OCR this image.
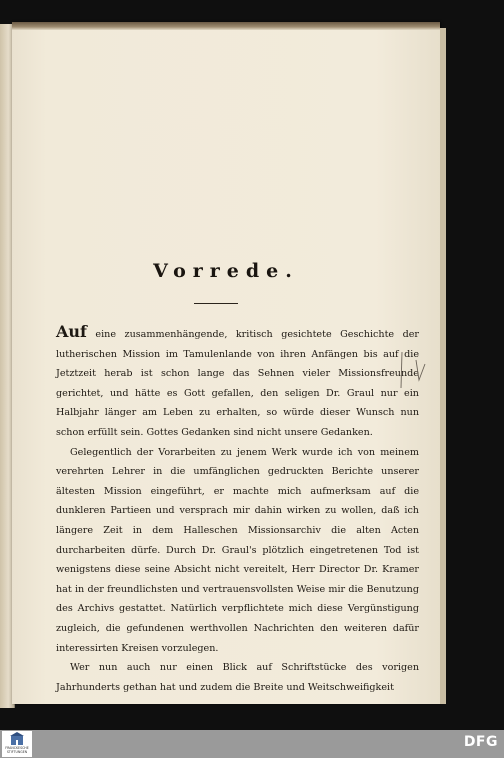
Vorrede.

Auf eine zusammenhängende, kritisch gesichtete Geschichte der lutherischen Mission im Tamulenlande von ihren Anfängen bis auf die Jetztzeit herab ist schon lange das Sehnen vieler Missionsfreunde gerichtet, und hätte es Gott gefallen, den seligen Dr. Graul nur ein Halbjahr länger am Leben zu erhalten, so würde dieser Wunsch nun schon erfüllt sein. Gottes Gedanken sind nicht unsere Gedanken.

Gelegentlich der Vorarbeiten zu jenem Werk wurde ich von meinem verehrten Lehrer in die umfänglichen gedruckten Berichte unserer ältesten Mission eingeführt, er machte mich aufmerksam auf die dunkleren Partieen und versprach mir dahin wirken zu wollen, daß ich längere Zeit in dem Halleschen Missionsarchiv die alten Acten durcharbeiten dürfe. Durch Dr. Graul's plötzlich eingetretenen Tod ist wenigstens diese seine Absicht nicht vereitelt, Herr Director Dr. Kramer hat in der freundlichsten und vertrauensvollsten Weise mir die Benutzung des Archivs gestattet. Natürlich verpflichtete mich diese Vergünstigung zugleich, die gefundenen werthvollen Nachrichten den weiteren dafür interessirten Kreisen vorzulegen.

Wer nun auch nur einen Blick auf Schriftstücke des vorigen Jahrhunderts gethan hat und zudem die Breite und Weitschweifigkeit

FRANCKESCHE STIFTUNGEN
DFG
